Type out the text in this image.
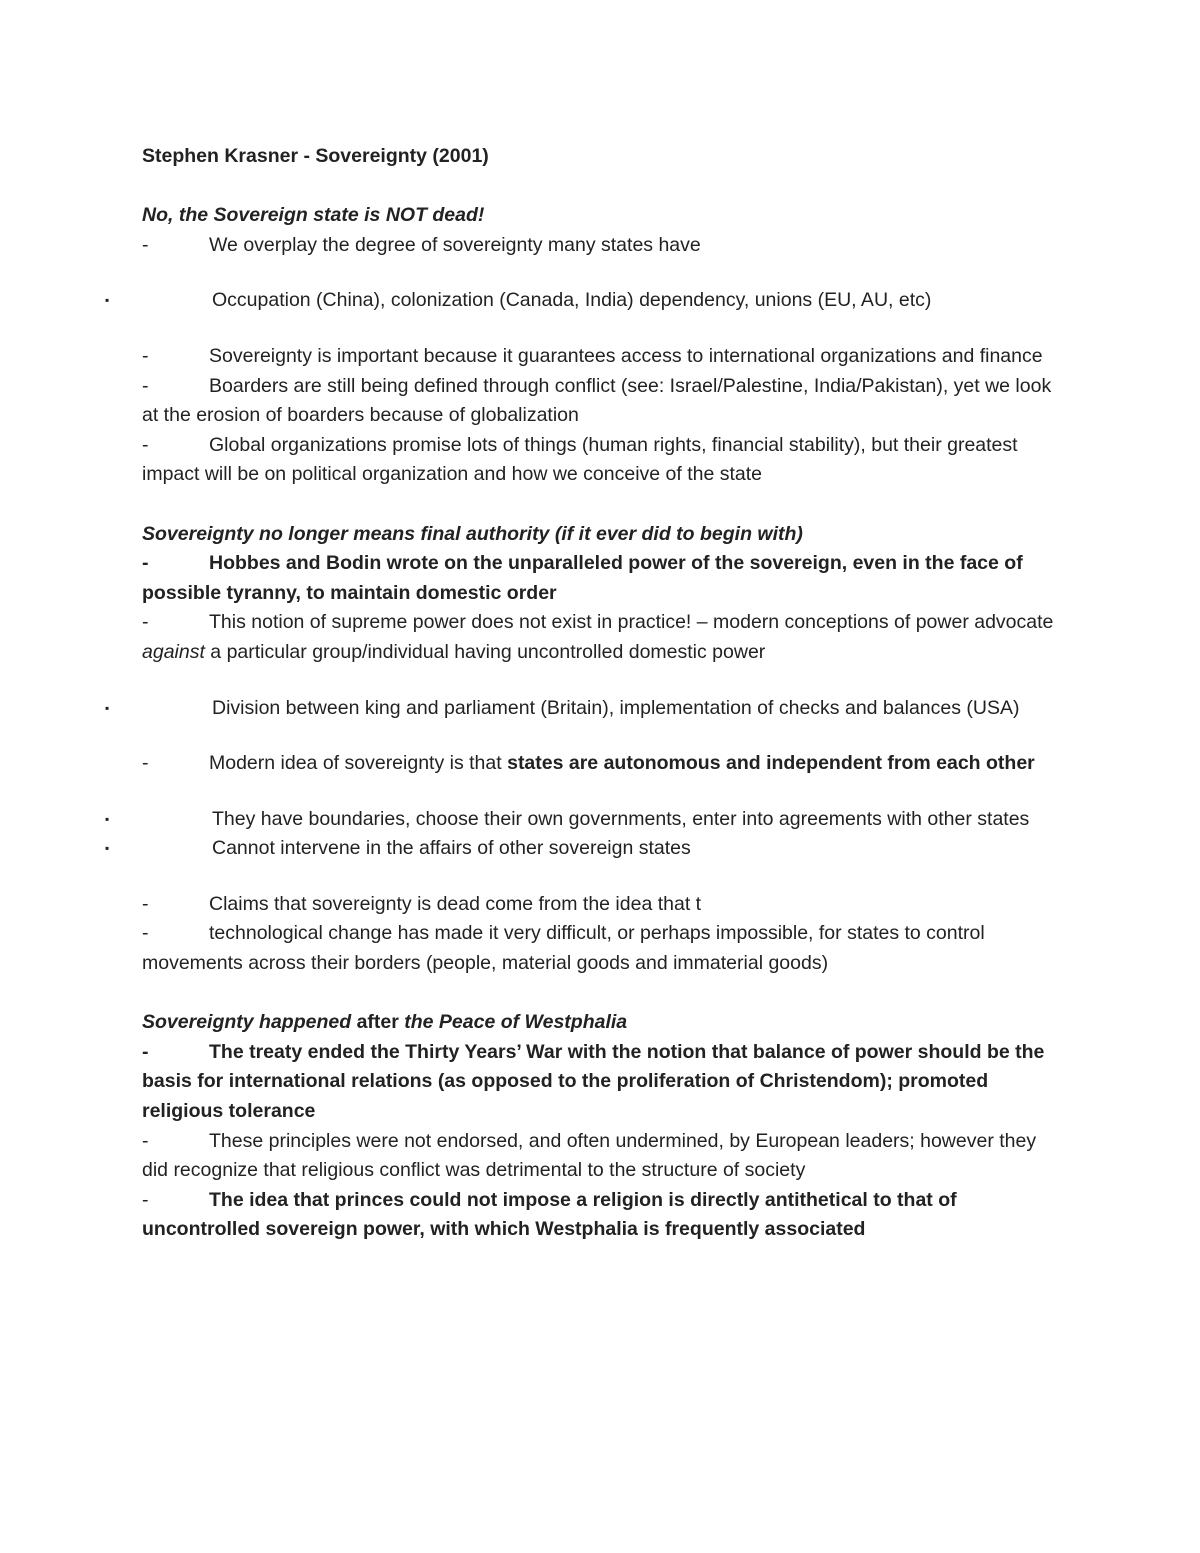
Stephen Krasner - Sovereignty (2001)
No, the Sovereign state is NOT dead!
-	We overplay the degree of sovereignty many states have
▪	Occupation (China), colonization (Canada, India) dependency, unions (EU, AU, etc)
-	Sovereignty is important because it guarantees access to international organizations and finance
-	Boarders are still being defined through conflict (see: Israel/Palestine, India/Pakistan), yet we look at the erosion of boarders because of globalization
-	Global organizations promise lots of things (human rights, financial stability), but their greatest impact will be on political organization and how we conceive of the state
Sovereignty no longer means final authority (if it ever did to begin with)
-	Hobbes and Bodin wrote on the unparalleled power of the sovereign, even in the face of possible tyranny, to maintain domestic order
-	This notion of supreme power does not exist in practice! – modern conceptions of power advocate against a particular group/individual having uncontrolled domestic power
▪	Division between king and parliament (Britain), implementation of checks and balances (USA)
-	Modern idea of sovereignty is that states are autonomous and independent from each other
▪	They have boundaries, choose their own governments, enter into agreements with other states
▪	Cannot intervene in the affairs of other sovereign states
-	Claims that sovereignty is dead come from the idea that t
-	technological change has made it very difficult, or perhaps impossible, for states to control movements across their borders (people, material goods and immaterial goods)
Sovereignty happened after the Peace of Westphalia
-	The treaty ended the Thirty Years’ War with the notion that balance of power should be the basis for international relations (as opposed to the proliferation of Christendom); promoted religious tolerance
-	These principles were not endorsed, and often undermined, by European leaders; however they did recognize that religious conflict was detrimental to the structure of society
-	The idea that princes could not impose a religion is directly antithetical to that of uncontrolled sovereign power, with which Westphalia is frequently associated
